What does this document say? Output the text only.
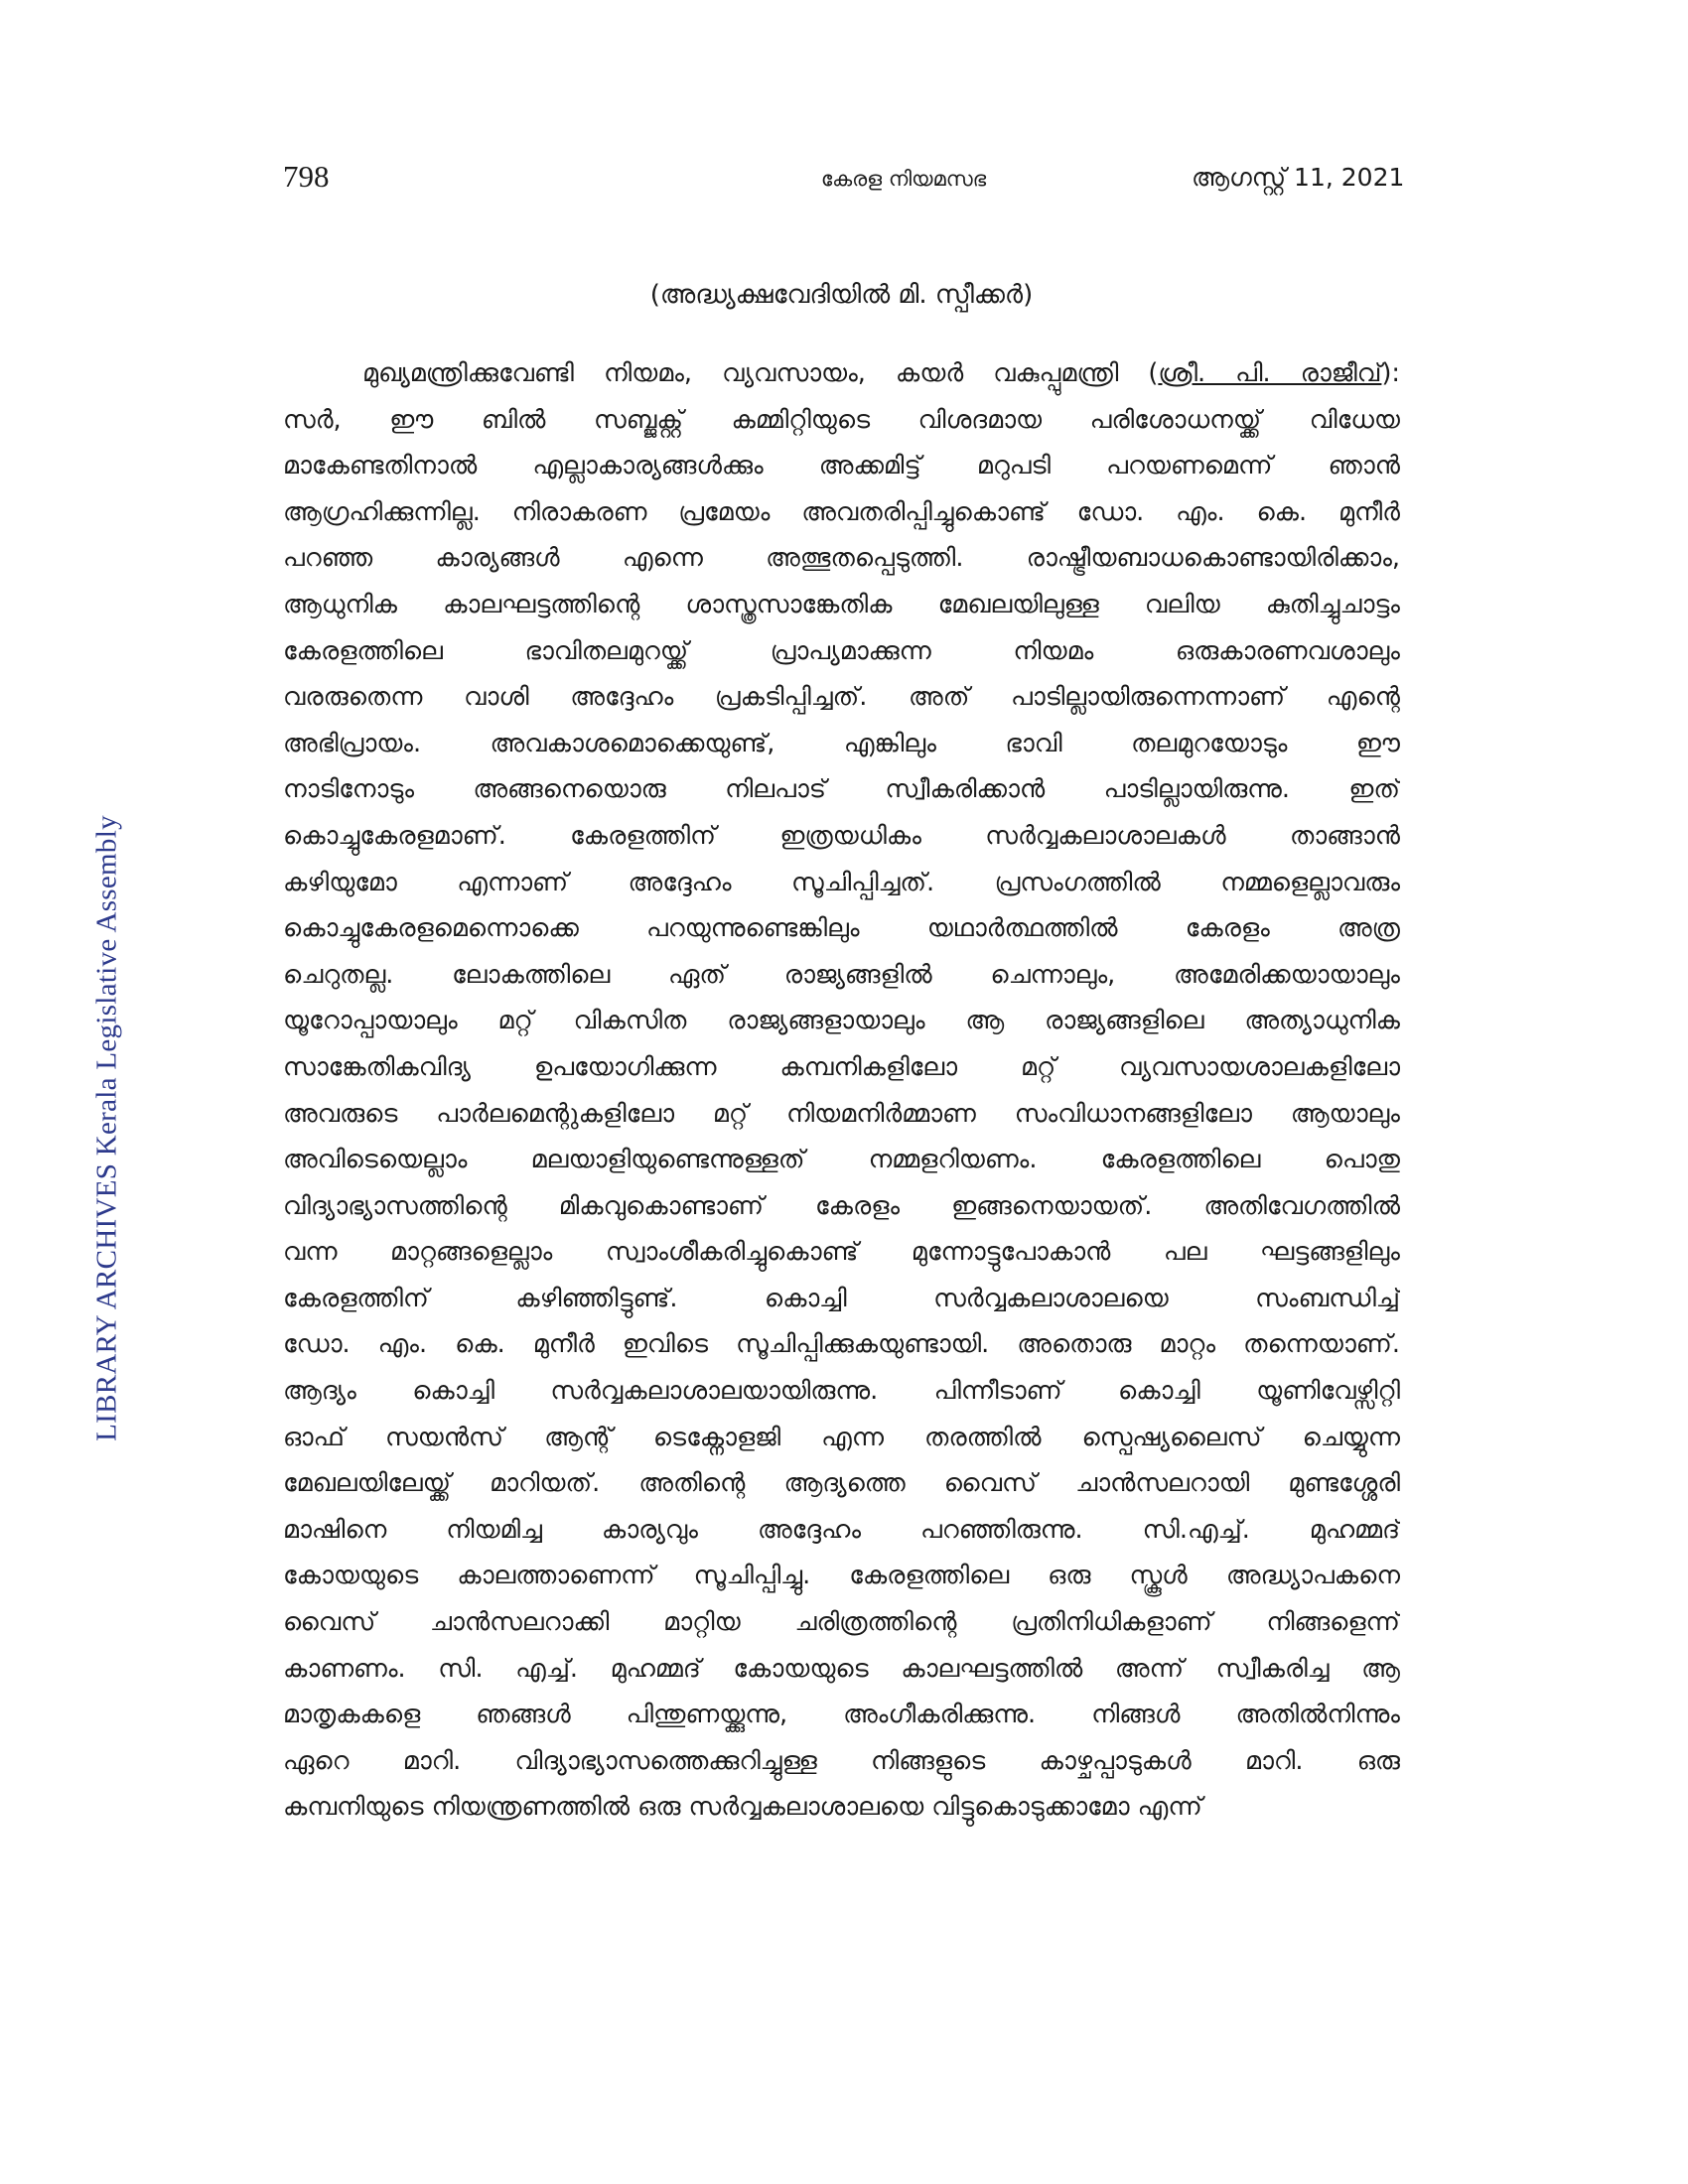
LIBRARY ARCHIVES Kerala Legislative Assembly
798	കേരള നിയമസഭ	ആഗസ്റ്റ് 11, 2021
(അദ്ധ്യക്ഷവേദിയിൽ മി. സ്പീക്കർ)
മുഖ്യമന്ത്രിക്കുവേണ്ടി നിയമം, വ്യവസായം, കയർ വകുപ്പുമന്ത്രി (ശ്രീ. പി. രാജീവ്):
സർ, ഈ ബിൽ സബ്ജക്റ്റ് കമ്മിറ്റിയുടെ വിശദമായ പരിശോധനയ്ക്ക് വിധേയ
മാകേണ്ടതിനാൽ എല്ലാകാര്യങ്ങൾക്കും അക്കമിട്ട് മറുപടി പറയണമെന്ന് ഞാൻ
ആഗ്രഹിക്കുന്നില്ല. നിരാകരണ പ്രമേയം അവതരിപ്പിച്ചുകൊണ്ട് ഡോ. എം. കെ. മുനീർ
പറഞ്ഞ കാര്യങ്ങൾ എന്നെ അത്ഭുതപ്പെടുത്തി. രാഷ്ട്രീയബാധകൊണ്ടായിരിക്കാം,
ആധുനിക കാലഘട്ടത്തിന്റെ ശാസ്ത്രസാങ്കേതിക മേഖലയിലുള്ള വലിയ കുതിച്ചുചാട്ടം
കേരളത്തിലെ ഭാവിതലമുറയ്ക്ക് പ്രാപ്യമാക്കുന്ന നിയമം ഒരുകാരണവശാലും
വരരുതെന്ന വാശി അദ്ദേഹം പ്രകടിപ്പിച്ചത്. അത് പാടില്ലായിരുന്നെന്നാണ് എന്റെ
അഭിപ്രായം. അവകാശമൊക്കെയുണ്ട്, എങ്കിലും ഭാവി തലമുറയോടും ഈ
നാടിനോടും അങ്ങനെയൊരു നിലപാട് സ്വീകരിക്കാൻ പാടില്ലായിരുന്നു. ഇത്
കൊച്ചുകേരളമാണ്. കേരളത്തിന് ഇത്രയധികം സർവ്വകലാശാലകൾ താങ്ങാൻ
കഴിയുമോ എന്നാണ് അദ്ദേഹം സൂചിപ്പിച്ചത്. പ്രസംഗത്തിൽ നമ്മളെല്ലാവരും
കൊച്ചുകേരളമെന്നൊക്കെ പറയുന്നുണ്ടെങ്കിലും യഥാർത്ഥത്തിൽ കേരളം അത്ര
ചെറുതല്ല. ലോകത്തിലെ ഏത് രാജ്യങ്ങളിൽ ചെന്നാലും, അമേരിക്കയായാലും
യൂറോപ്പായാലും മറ്റ് വികസിത രാജ്യങ്ങളായാലും ആ രാജ്യങ്ങളിലെ അത്യാധുനിക
സാങ്കേതികവിദ്യ ഉപയോഗിക്കുന്ന കമ്പനികളിലോ മറ്റ് വ്യവസായശാലകളിലോ
അവരുടെ പാർലമെന്റുകളിലോ മറ്റ് നിയമനിർമ്മാണ സംവിധാനങ്ങളിലോ ആയാലും
അവിടെയെല്ലാം മലയാളിയുണ്ടെന്നുള്ളത് നമ്മളറിയണം. കേരളത്തിലെ പൊതു
വിദ്യാഭ്യാസത്തിന്റെ മികവുകൊണ്ടാണ് കേരളം ഇങ്ങനെയായത്. അതിവേഗത്തിൽ
വന്ന മാറ്റങ്ങളെല്ലാം സ്വാംശീകരിച്ചുകൊണ്ട് മുന്നോട്ടുപോകാൻ പല ഘട്ടങ്ങളിലും
കേരളത്തിന് കഴിഞ്ഞിട്ടുണ്ട്. കൊച്ചി സർവ്വകലാശാലയെ സംബന്ധിച്ച്
ഡോ. എം. കെ. മുനീർ ഇവിടെ സൂചിപ്പിക്കുകയുണ്ടായി. അതൊരു മാറ്റം തന്നെയാണ്.
ആദ്യം കൊച്ചി സർവ്വകലാശാലയായിരുന്നു. പിന്നീടാണ് കൊച്ചി യൂണിവേഴ്സിറ്റി
ഓഫ് സയൻസ് ആന്റ് ടെക്നോളജി എന്ന തരത്തിൽ സ്പെഷ്യലൈസ് ചെയ്യുന്ന
മേഖലയിലേയ്ക്ക് മാറിയത്. അതിന്റെ ആദ്യത്തെ വൈസ് ചാൻസലറായി മുണ്ടശ്ശേരി
മാഷിനെ നിയമിച്ച കാര്യവും അദ്ദേഹം പറഞ്ഞിരുന്നു. സി.എച്ച്. മുഹമ്മദ്
കോയയുടെ കാലത്താണെന്ന് സൂചിപ്പിച്ചു. കേരളത്തിലെ ഒരു സ്കൂൾ അദ്ധ്യാപകനെ
വൈസ് ചാൻസലറാക്കി മാറ്റിയ ചരിത്രത്തിന്റെ പ്രതിനിധികളാണ് നിങ്ങളെന്ന്
കാണണം. സി. എച്ച്. മുഹമ്മദ് കോയയുടെ കാലഘട്ടത്തിൽ അന്ന് സ്വീകരിച്ച ആ
മാതൃകകളെ ഞങ്ങൾ പിന്തുണയ്ക്കുന്നു, അംഗീകരിക്കുന്നു. നിങ്ങൾ അതിൽനിന്നും
ഏറെ മാറി. വിദ്യാഭ്യാസത്തെക്കുറിച്ചുള്ള നിങ്ങളുടെ കാഴ്ചപ്പാടുകൾ മാറി. ഒരു
കമ്പനിയുടെ നിയന്ത്രണത്തിൽ ഒരു സർവ്വകലാശാലയെ വിട്ടുകൊടുക്കാമോ എന്ന്
